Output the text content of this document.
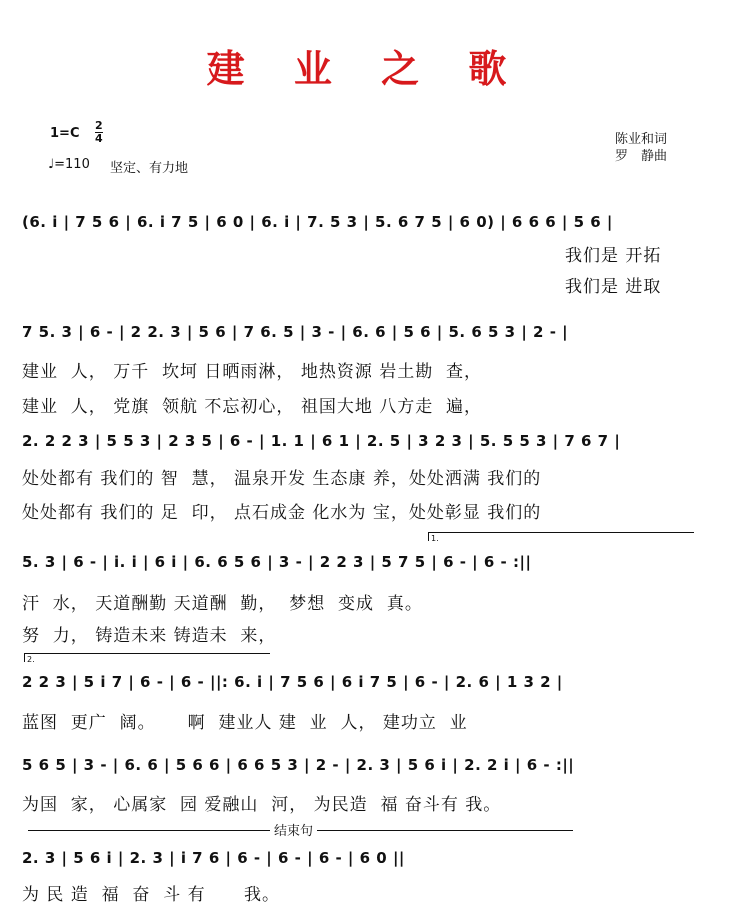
建 业 之 歌
1=C
2
4
♩=110 坚定、有力地
陈业和词
罗　静曲
(6. i | 7 5 6 | 6. i 7 5 | 6 0 | 6. i | 7. 5 3 | 5. 6 7 5 | 6 0) | 6 6 6 | 5 6 |
我们是 开拓
我们是 进取
7 5. 3 | 6 - | 2 2. 3 | 5 6 | 7 6. 5 | 3 - | 6. 6 | 5 6 | 5. 6 5 3 | 2 - |
建业  人， 万千  坎坷 日晒雨淋， 地热资源 岩土勘  查，
建业  人， 党旗  领航 不忘初心， 祖国大地 八方走  遍，
2. 2 2 3 | 5 5 3 | 2 3 5 | 6 - | 1. 1 | 6 1 | 2. 5 | 3 2 3 | 5. 5 5 3 | 7 6 7 |
处处都有 我们的 智  慧， 温泉开发 生态康 养，处处洒满 我们的
处处都有 我们的 足  印， 点石成金 化水为 宝，处处彰显 我们的
1.
5. 3 | 6 - | i. i | 6 i | 6. 6 5 6 | 3 - | 2 2 3 | 5 7 5 | 6 - | 6 - :||
汗  水， 天道酬勤 天道酬  勤，  梦想  变成  真。
努  力， 铸造未来 铸造未  来，
2.
2 2 3 | 5 i 7 | 6 - | 6 - ||: 6. i | 7 5 6 | 6 i 7 5 | 6 - | 2. 6 | 1 3 2 |
蓝图  更广  阔。     啊  建业人 建  业  人， 建功立  业
5 6 5 | 3 - | 6. 6 | 5 6 6 | 6 6 5 3 | 2 - | 2. 3 | 5 6 i | 2. 2 i | 6 - :||
为国  家， 心属家  园 爱融山  河， 为民造  福 奋斗有 我。
结束句
2. 3 | 5 6 i | 2. 3 | i 7 6 | 6 - | 6 - | 6 - | 6 0 ||
为 民 造  福  奋  斗 有      我。
